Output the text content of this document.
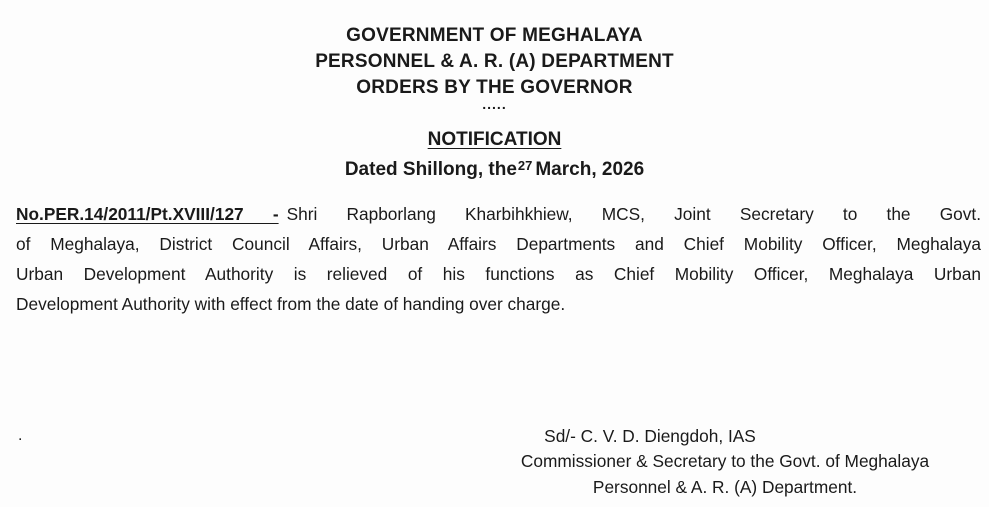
GOVERNMENT OF MEGHALAYA
PERSONNEL & A. R. (A) DEPARTMENT
ORDERS BY THE GOVERNOR
.....
NOTIFICATION
Dated Shillong, the$^{27}$ March, 2026
No.PER.14/2011/Pt.XVIII/127 - Shri Rapborlang Kharbihkhiew, MCS, Joint Secretary to the Govt.
of Meghalaya, District Council Affairs, Urban Affairs Departments and Chief Mobility Officer, Meghalaya
Urban Development Authority is relieved of his functions as Chief Mobility Officer, Meghalaya Urban
Development Authority with effect from the date of handing over charge.
.	Sd/- C. V. D. Diengdoh, IAS
Commissioner & Secretary to the Govt. of Meghalaya
Personnel & A. R. (A) Department.
